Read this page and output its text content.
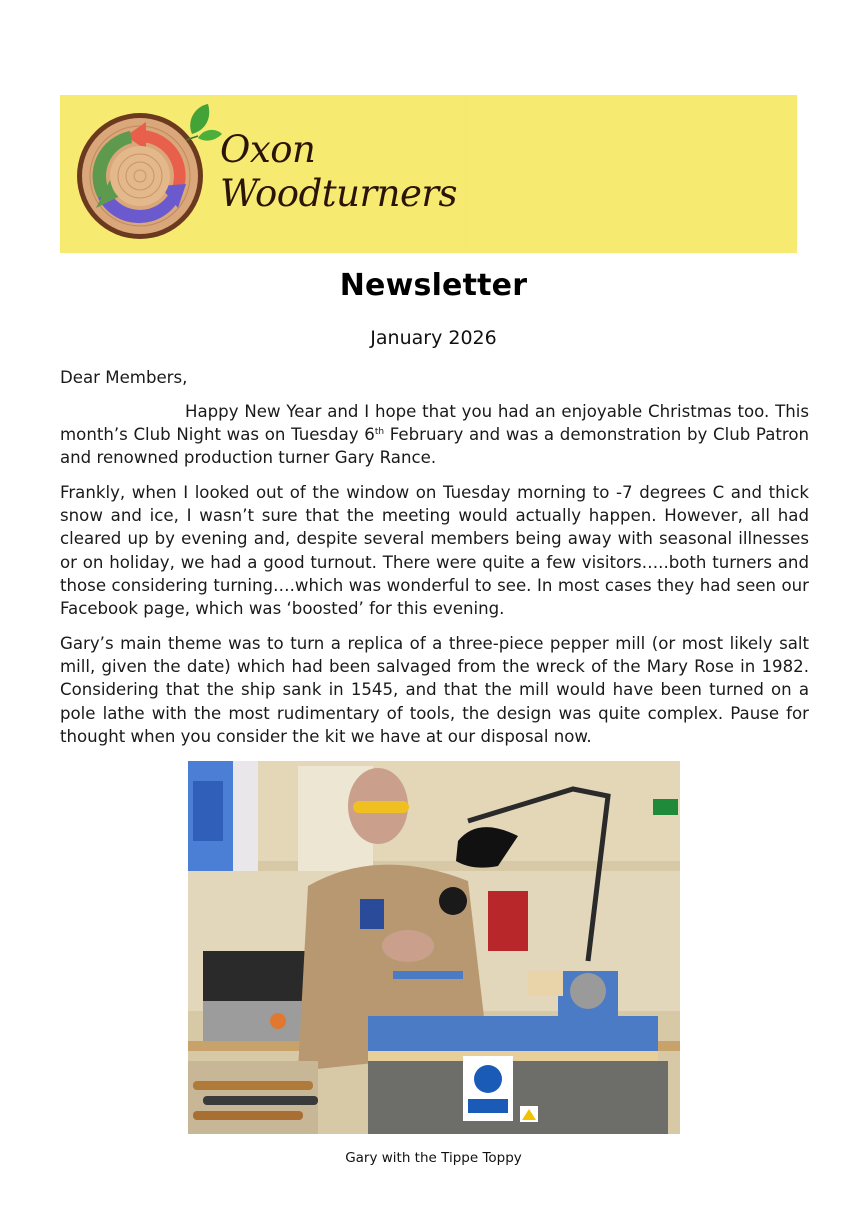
Oxon
Woodturners
Newsletter
January 2026
Dear Members,
Happy New Year and I hope that you had an enjoyable Christmas too. This month’s Club Night was on Tuesday 6th February and was a demonstration by Club Patron and renowned production turner Gary Rance.
Frankly, when I looked out of the window on Tuesday morning to -7 degrees C and thick snow and ice, I wasn’t sure that the meeting would actually happen. However, all had cleared up by evening and, despite several members being away with seasonal illnesses or on holiday, we had a good turnout. There were quite a few visitors…..both turners and those considering turning….which was wonderful to see. In most cases they had seen our Facebook page, which was ‘boosted’ for this evening.
Gary’s main theme was to turn a replica of a three-piece pepper mill (or most likely salt mill, given the date) which had been salvaged from the wreck of the Mary Rose in 1982. Considering that the ship sank in 1545, and that the mill would have been turned on a pole lathe with the most rudimentary of tools, the design was quite complex. Pause for thought when you consider the kit we have at our disposal now.
Gary with the Tippe Toppy
